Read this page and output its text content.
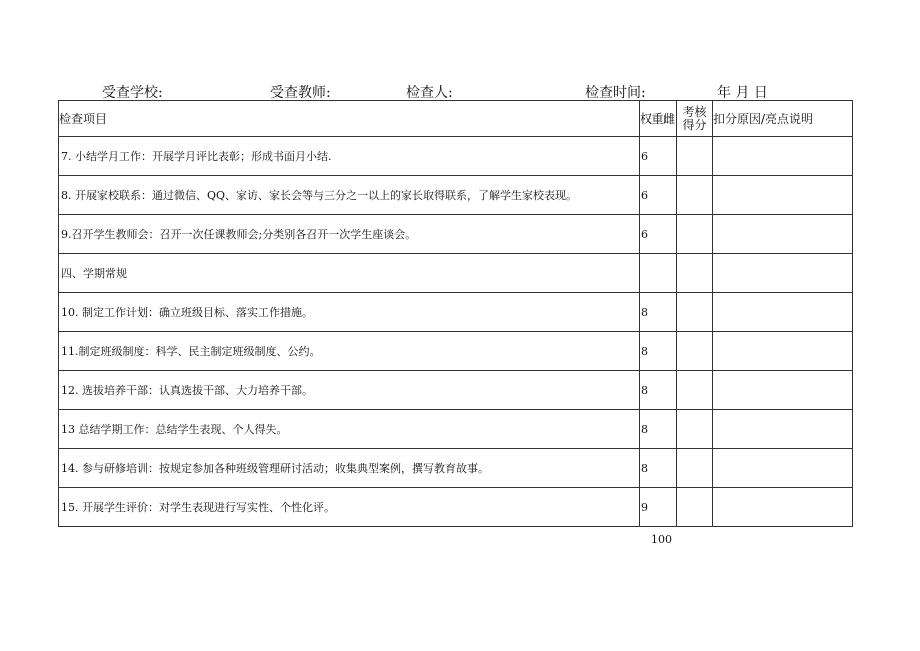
受查学校:	受查教师:	检查人:	检查时间:	年 月 日
检查项目	权重雌	考核得分	扣分原因/亮点说明
7. 小结学月工作：开展学月评比表彰；形成书面月小结.	6		
8. 开展家校联系：通过微信、QQ、家访、家长会等与三分之一以上的家长取得联系，了解学生家校表现。	6		
9.召开学生教师会：召开一次任课教师会;分类别各召开一次学生座谈会。	6		
四、学期常规			
10. 制定工作计划：确立班级目标、落实工作措施。	8		
11.制定班级制度：科学、民主制定班级制度、公约。	8		
12. 选拔培养干部：认真选拔干部、大力培养干部。	8		
13 总结学期工作：总结学生表现、个人得失。	8		
14. 参与研修培训：按规定参加各种班级管理研讨活动；收集典型案例，撰写教育故事。	8		
15. 开展学生评价：对学生表现进行写实性、个性化评。	9		
100
